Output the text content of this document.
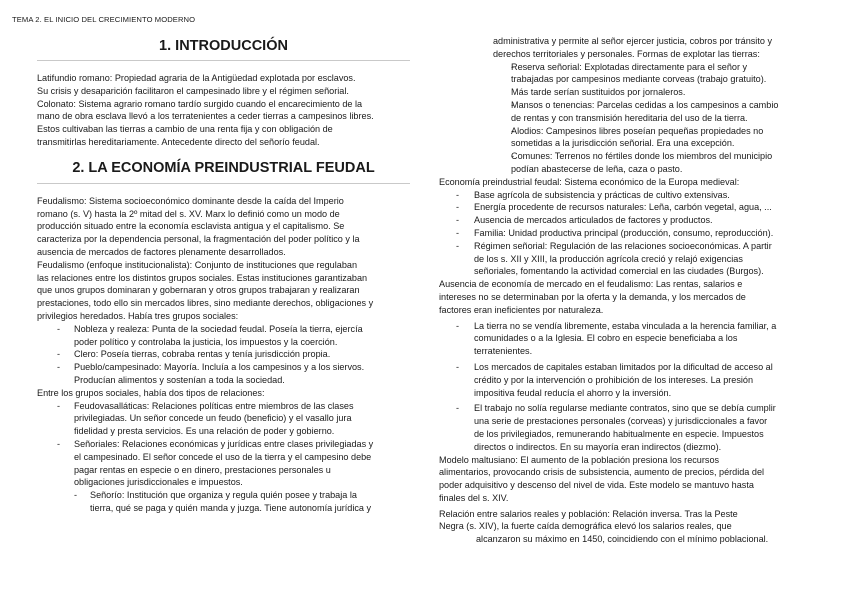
TEMA 2. EL INICIO DEL CRECIMIENTO MODERNO
1. INTRODUCCIÓN

Latifundio romano: Propiedad agraria de la Antigüedad explotada por esclavos.

Su crisis y desaparición facilitaron el campesinado libre y el régimen señorial.

Colonato: Sistema agrario romano tardío surgido cuando el encarecimiento de la

mano de obra esclava llevó a los terratenientes a ceder tierras a campesinos libres.

Estos cultivaban las tierras a cambio de una renta fija y con obligación de

transmitirlas hereditariamente. Antecedente directo del señorío feudal.

2. LA ECONOMÍA PREINDUSTRIAL FEUDAL

Feudalismo: Sistema socioeconómico dominante desde la caída del Imperio

romano (s. V) hasta la 2º mitad del s. XV. Marx lo definió como un modo de

producción situado entre la economía esclavista antigua y el capitalismo. Se

caracteriza por la dependencia personal, la fragmentación del poder político y la

ausencia de mercados de factores plenamente desarrollados.

Feudalismo (enfoque institucionalista): Conjunto de instituciones que regulaban

las relaciones entre los distintos grupos sociales. Estas instituciones garantizaban

que unos grupos dominaran y gobernaran y otros grupos trabajaran y realizaran

prestaciones, todo ello sin mercados libres, sino mediante derechos, obligaciones y

privilegios heredados. Había tres grupos sociales:

- Nobleza y realeza: Punta de la sociedad feudal. Poseía la tierra, ejercía

poder político y controlaba la justicia, los impuestos y la coerción.

- Clero: Poseía tierras, cobraba rentas y tenía jurisdicción propia.

- Pueblo/campesinado: Mayoría. Incluía a los campesinos y a los siervos.

Producían alimentos y sostenían a toda la sociedad.

Entre los grupos sociales, había dos tipos de relaciones:

- Feudovasalláticas: Relaciones políticas entre miembros de las clases

privilegiadas. Un señor concede un feudo (beneficio) y el vasallo jura

fidelidad y presta servicios. Es una relación de poder y gobierno.

- Señoriales: Relaciones económicas y jurídicas entre clases privilegiadas y

el campesinado. El señor concede el uso de la tierra y el campesino debe

pagar rentas en especie o en dinero, prestaciones personales u

obligaciones jurisdiccionales e impuestos.

- Señorío: Institución que organiza y regula quién posee y trabaja la

tierra, qué se paga y quién manda y juzga. Tiene autonomía jurídica y

administrativa y permite al señor ejercer justicia, cobros por tránsito y

derechos territoriales y personales. Formas de explotar las tierras:

- Reserva señorial: Explotadas directamente para el señor y

trabajadas por campesinos mediante corveas (trabajo gratuito).

Más tarde serían sustituidos por jornaleros.

- Mansos o tenencias: Parcelas cedidas a los campesinos a cambio

de rentas y con transmisión hereditaria del uso de la tierra.

- Alodios: Campesinos libres poseían pequeñas propiedades no

sometidas a la jurisdicción señorial. Era una excepción.

- Comunes: Terrenos no fértiles donde los miembros del municipio

podían abastecerse de leña, caza o pasto.

Economía preindustrial feudal: Sistema económico de la Europa medieval:

- Base agrícola de subsistencia y prácticas de cultivo extensivas.

- Energía procedente de recursos naturales: Leña, carbón vegetal, agua, ...

- Ausencia de mercados articulados de factores y productos.

- Familia: Unidad productiva principal (producción, consumo, reproducción).

- Régimen señorial: Regulación de las relaciones socioeconómicas. A partir

de los s. XII y XIII, la producción agrícola creció y relajó exigencias

señoriales, fomentando la actividad comercial en las ciudades (Burgos).

Ausencia de economía de mercado en el feudalismo: Las rentas, salarios e

intereses no se determinaban por la oferta y la demanda, y los mercados de

factores eran ineficientes por naturaleza.

- La tierra no se vendía libremente, estaba vinculada a la herencia familiar, a

comunidades o a la Iglesia. El cobro en especie beneficiaba a los

terratenientes.

- Los mercados de capitales estaban limitados por la dificultad de acceso al

crédito y por la intervención o prohibición de los intereses. La presión

impositiva feudal reducía el ahorro y la inversión.

- El trabajo no solía regularse mediante contratos, sino que se debía cumplir

una serie de prestaciones personales (corveas) y jurisdiccionales a favor

de los privilegiados, remunerando habitualmente en especie. Impuestos

directos o indirectos. En su mayoría eran indirectos (diezmo).

Modelo maltusiano: El aumento de la población presiona los recursos

alimentarios, provocando crisis de subsistencia, aumento de precios, pérdida del

poder adquisitivo y descenso del nivel de vida. Este modelo se mantuvo hasta

finales del s. XIV.

Relación entre salarios reales y población: Relación inversa. Tras la Peste

Negra (s. XIV), la fuerte caída demográfica elevó los salarios reales, que

alcanzaron su máximo en 1450, coincidiendo con el mínimo poblacional.
